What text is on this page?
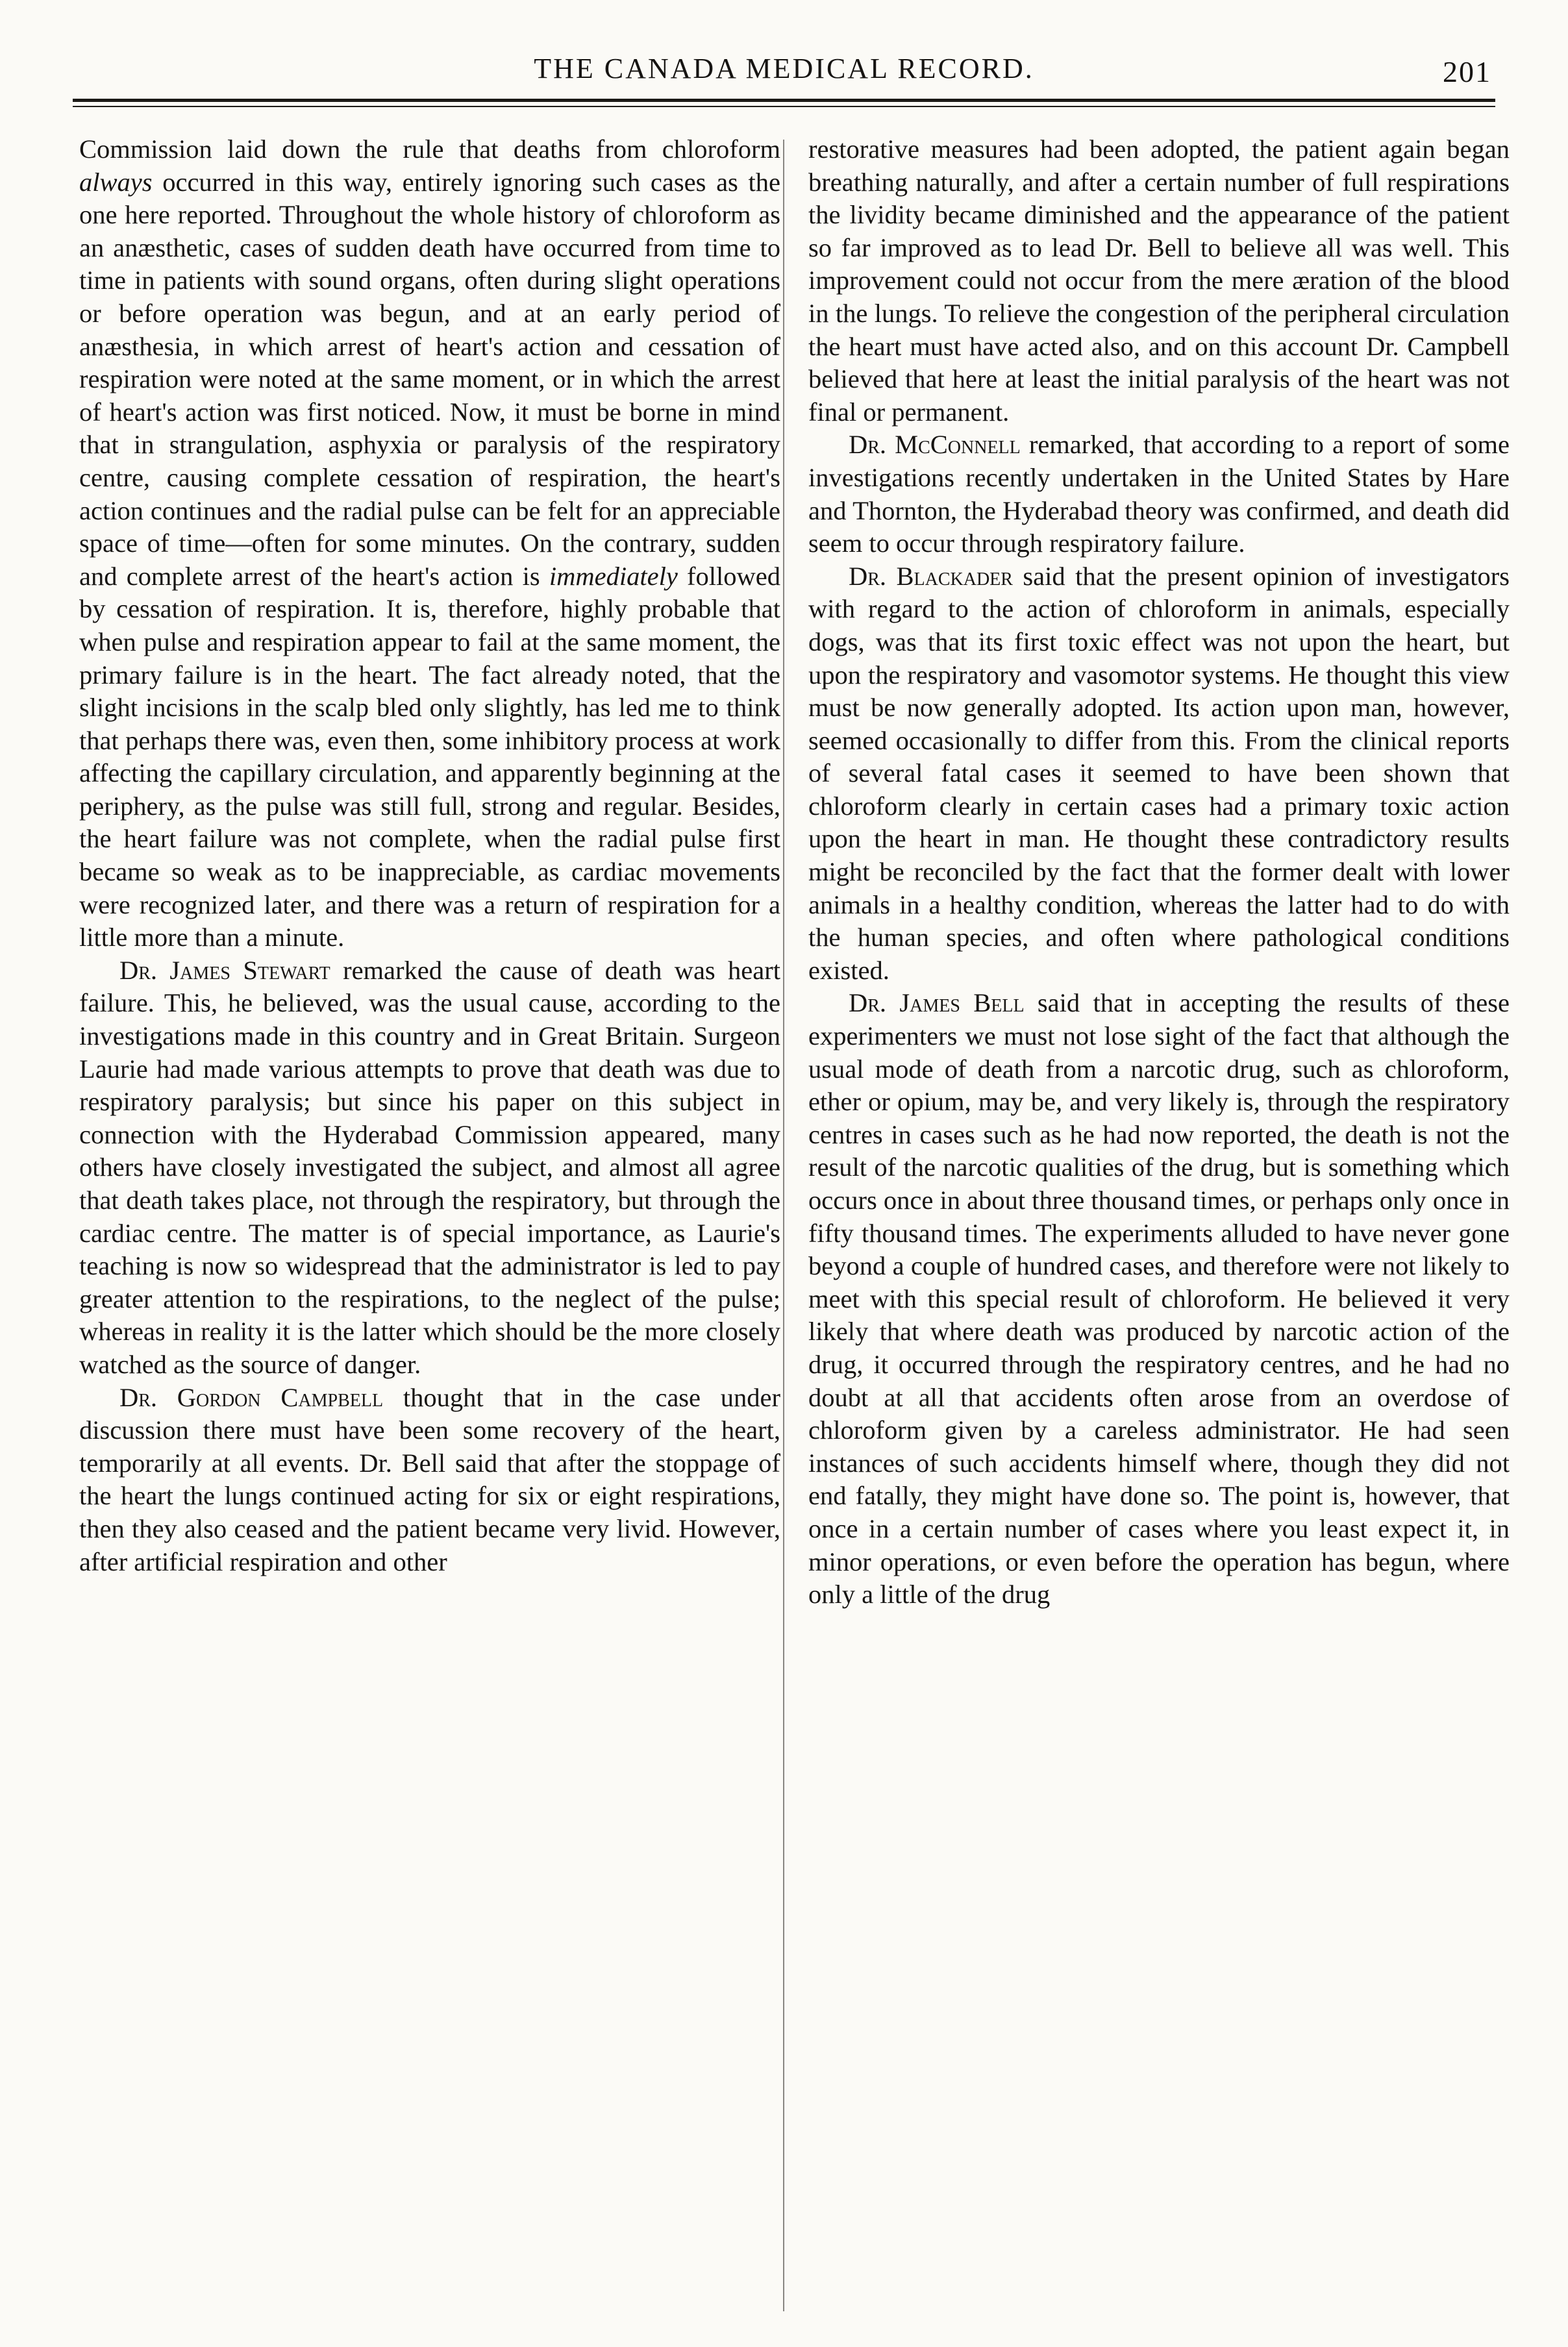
THE CANADA MEDICAL RECORD.	201

Commission laid down the rule that deaths from chloroform always occurred in this way, entirely ignoring such cases as the one here reported. Throughout the whole history of chloroform as an anæsthetic, cases of sudden death have occurred from time to time in patients with sound organs, often during slight operations or before operation was begun, and at an early period of anæsthesia, in which arrest of heart's action and cessation of respiration were noted at the same moment, or in which the arrest of heart's action was first noticed. Now, it must be borne in mind that in strangulation, asphyxia or paralysis of the respiratory centre, causing complete cessation of respiration, the heart's action continues and the radial pulse can be felt for an appreciable space of time—often for some minutes. On the contrary, sudden and complete arrest of the heart's action is immediately followed by cessation of respiration. It is, therefore, highly probable that when pulse and respiration appear to fail at the same moment, the primary failure is in the heart. The fact already noted, that the slight incisions in the scalp bled only slightly, has led me to think that perhaps there was, even then, some inhibitory process at work affecting the capillary circulation, and apparently beginning at the periphery, as the pulse was still full, strong and regular. Besides, the heart failure was not complete, when the radial pulse first became so weak as to be inappreciable, as cardiac movements were recognized later, and there was a return of respiration for a little more than a minute.

Dr. James Stewart remarked the cause of death was heart failure. This, he believed, was the usual cause, according to the investigations made in this country and in Great Britain. Surgeon Laurie had made various attempts to prove that death was due to respiratory paralysis; but since his paper on this subject in connection with the Hyderabad Commission appeared, many others have closely investigated the subject, and almost all agree that death takes place, not through the respiratory, but through the cardiac centre. The matter is of special importance, as Laurie's teaching is now so widespread that the administrator is led to pay greater attention to the respirations, to the neglect of the pulse; whereas in reality it is the latter which should be the more closely watched as the source of danger.

Dr. Gordon Campbell thought that in the case under discussion there must have been some recovery of the heart, temporarily at all events. Dr. Bell said that after the stoppage of the heart the lungs continued acting for six or eight respirations, then they also ceased and the patient became very livid. However, after artificial respiration and other

restorative measures had been adopted, the patient again began breathing naturally, and after a certain number of full respirations the lividity became diminished and the appearance of the patient so far improved as to lead Dr. Bell to believe all was well. This improvement could not occur from the mere æration of the blood in the lungs. To relieve the congestion of the peripheral circulation the heart must have acted also, and on this account Dr. Campbell believed that here at least the initial paralysis of the heart was not final or permanent.

Dr. McConnell remarked, that according to a report of some investigations recently undertaken in the United States by Hare and Thornton, the Hyderabad theory was confirmed, and death did seem to occur through respiratory failure.

Dr. Blackader said that the present opinion of investigators with regard to the action of chloroform in animals, especially dogs, was that its first toxic effect was not upon the heart, but upon the respiratory and vasomotor systems. He thought this view must be now generally adopted. Its action upon man, however, seemed occasionally to differ from this. From the clinical reports of several fatal cases it seemed to have been shown that chloroform clearly in certain cases had a primary toxic action upon the heart in man. He thought these contradictory results might be reconciled by the fact that the former dealt with lower animals in a healthy condition, whereas the latter had to do with the human species, and often where pathological conditions existed.

Dr. James Bell said that in accepting the results of these experimenters we must not lose sight of the fact that although the usual mode of death from a narcotic drug, such as chloroform, ether or opium, may be, and very likely is, through the respiratory centres in cases such as he had now reported, the death is not the result of the narcotic qualities of the drug, but is something which occurs once in about three thousand times, or perhaps only once in fifty thousand times. The experiments alluded to have never gone beyond a couple of hundred cases, and therefore were not likely to meet with this special result of chloroform. He believed it very likely that where death was produced by narcotic action of the drug, it occurred through the respiratory centres, and he had no doubt at all that accidents often arose from an overdose of chloroform given by a careless administrator. He had seen instances of such accidents himself where, though they did not end fatally, they might have done so. The point is, however, that once in a certain number of cases where you least expect it, in minor operations, or even before the operation has begun, where only a little of the drug
